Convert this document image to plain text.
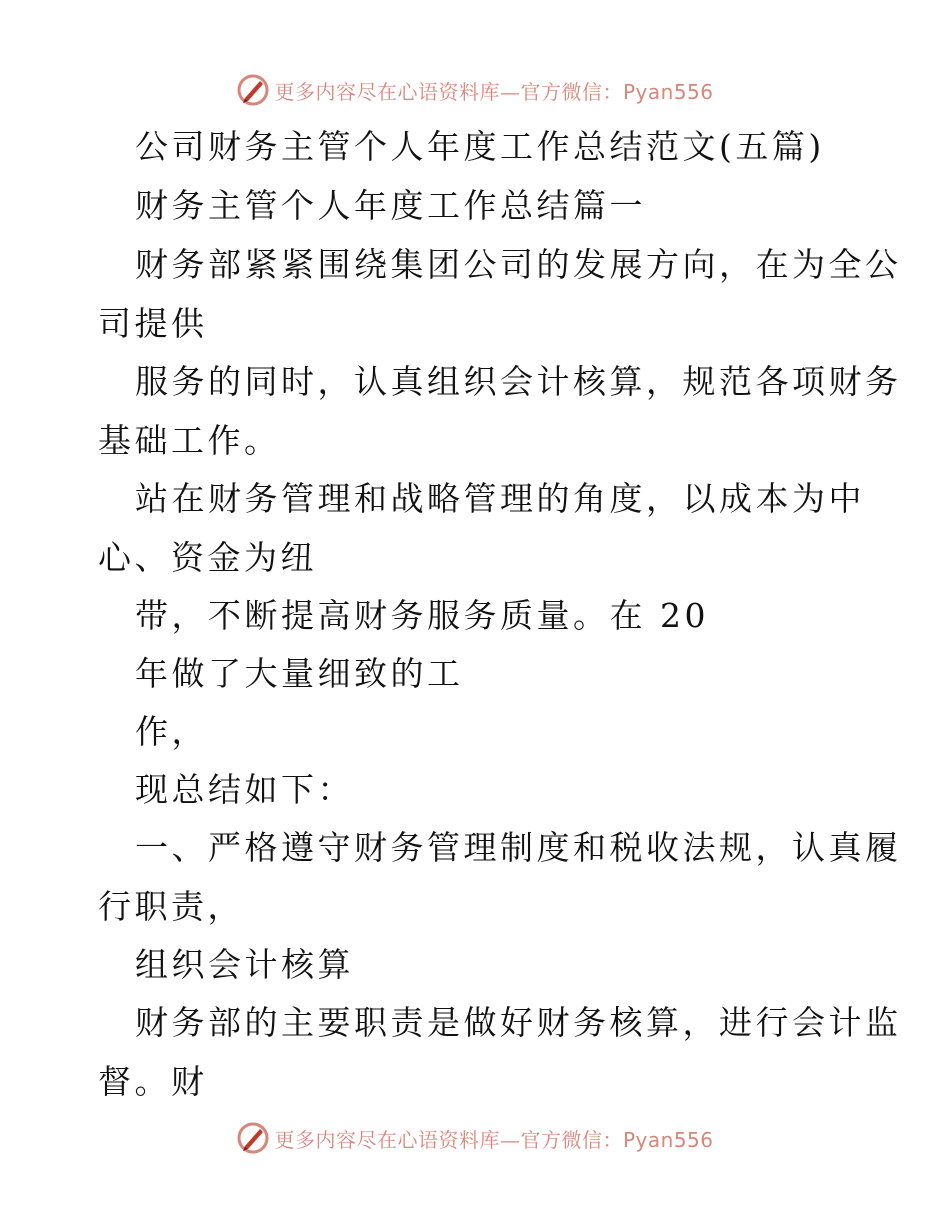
更多内容尽在心语资料库—官方微信：Pyan556
公司财务主管个人年度工作总结范文(五篇)
财务主管个人年度工作总结篇一
财务部紧紧围绕集团公司的发展方向，在为全公
司提供
服务的同时，认真组织会计核算，规范各项财务
基础工作。
站在财务管理和战略管理的角度，以成本为中
心、资金为纽
带，不断提高财务服务质量。在 20
年做了大量细致的工
作，
现总结如下：
一、严格遵守财务管理制度和税收法规，认真履
行职责，
组织会计核算
财务部的主要职责是做好财务核算，进行会计监
督。财
更多内容尽在心语资料库—官方微信：Pyan556
